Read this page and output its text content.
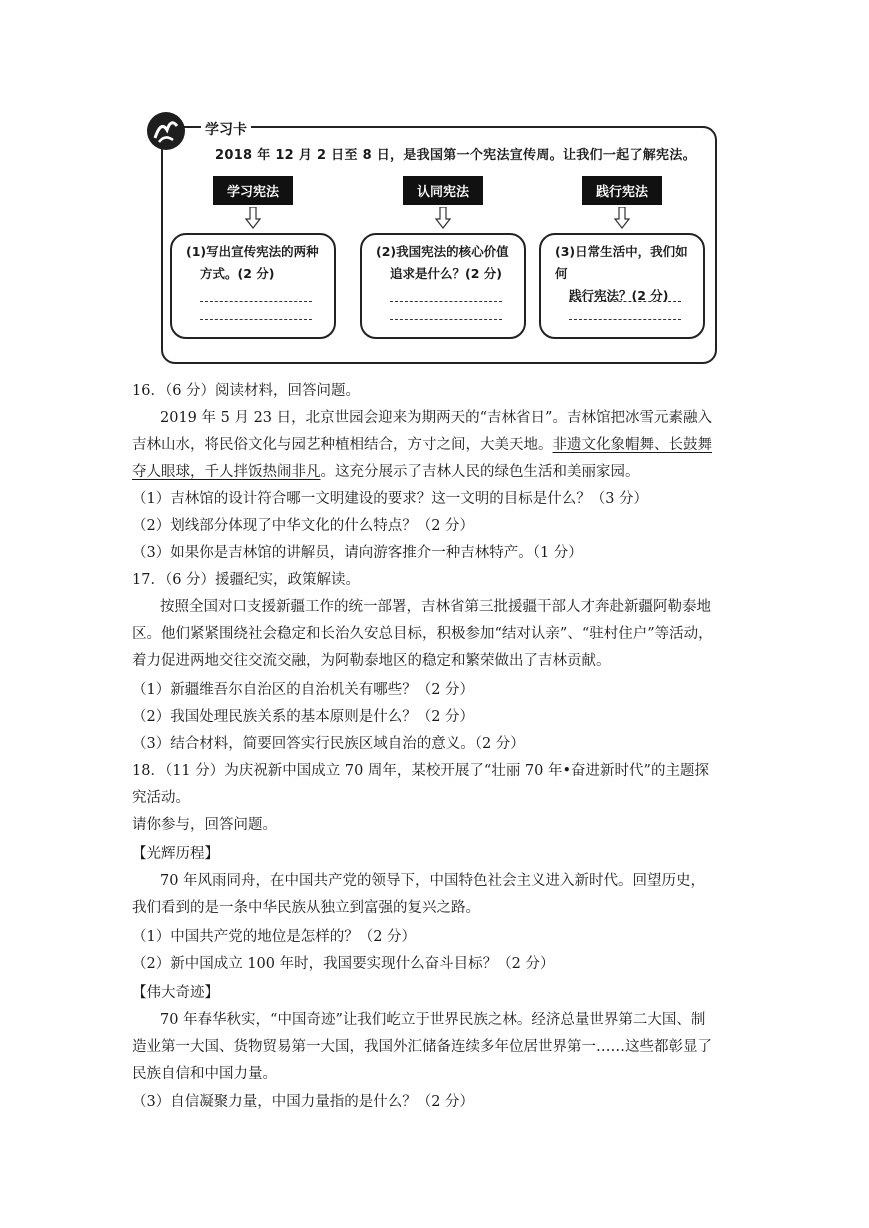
学习卡
2018 年 12 月 2 日至 8 日，是我国第一个宪法宣传周。让我们一起了解宪法。
学习宪法
(1)写出宣传宪法的两种
方式。(2 分)
认同宪法
(2)我国宪法的核心价值
追求是什么？(2 分)
践行宪法
(3)日常生活中，我们如何
践行宪法？(2 分)
16．（6 分）阅读材料，回答问题。
2019 年 5 月 23 日，北京世园会迎来为期两天的“吉林省日”。吉林馆把冰雪元素融入
吉林山水，将民俗文化与园艺种植相结合，方寸之间，大美天地。非遗文化象帽舞、长鼓舞
夺人眼球，千人拌饭热闹非凡。这充分展示了吉林人民的绿色生活和美丽家园。
（1）吉林馆的设计符合哪一文明建设的要求？这一文明的目标是什么？（3 分）
（2）划线部分体现了中华文化的什么特点？（2 分）
（3）如果你是吉林馆的讲解员，请向游客推介一种吉林特产。（1 分）
17．（6 分）援疆纪实，政策解读。
按照全国对口支援新疆工作的统一部署，吉林省第三批援疆干部人才奔赴新疆阿勒泰地
区。他们紧紧围绕社会稳定和长治久安总目标，积极参加“结对认亲”、“驻村住户”等活动，
着力促进两地交往交流交融，为阿勒泰地区的稳定和繁荣做出了吉林贡献。
（1）新疆维吾尔自治区的自治机关有哪些？（2 分）
（2）我国处理民族关系的基本原则是什么？（2 分）
（3）结合材料，简要回答实行民族区域自治的意义。（2 分）
18．（11 分）为庆祝新中国成立 70 周年，某校开展了“壮丽 70 年•奋进新时代”的主题探
究活动。
请你参与，回答问题。
【光辉历程】
70 年风雨同舟，在中国共产党的领导下，中国特色社会主义进入新时代。回望历史，
我们看到的是一条中华民族从独立到富强的复兴之路。
（1）中国共产党的地位是怎样的？（2 分）
（2）新中国成立 100 年时，我国要实现什么奋斗目标？（2 分）
【伟大奇迹】
70 年春华秋实，“中国奇迹”让我们屹立于世界民族之林。经济总量世界第二大国、制
造业第一大国、货物贸易第一大国，我国外汇储备连续多年位居世界第一……这些都彰显了
民族自信和中国力量。
（3）自信凝聚力量，中国力量指的是什么？（2 分）
